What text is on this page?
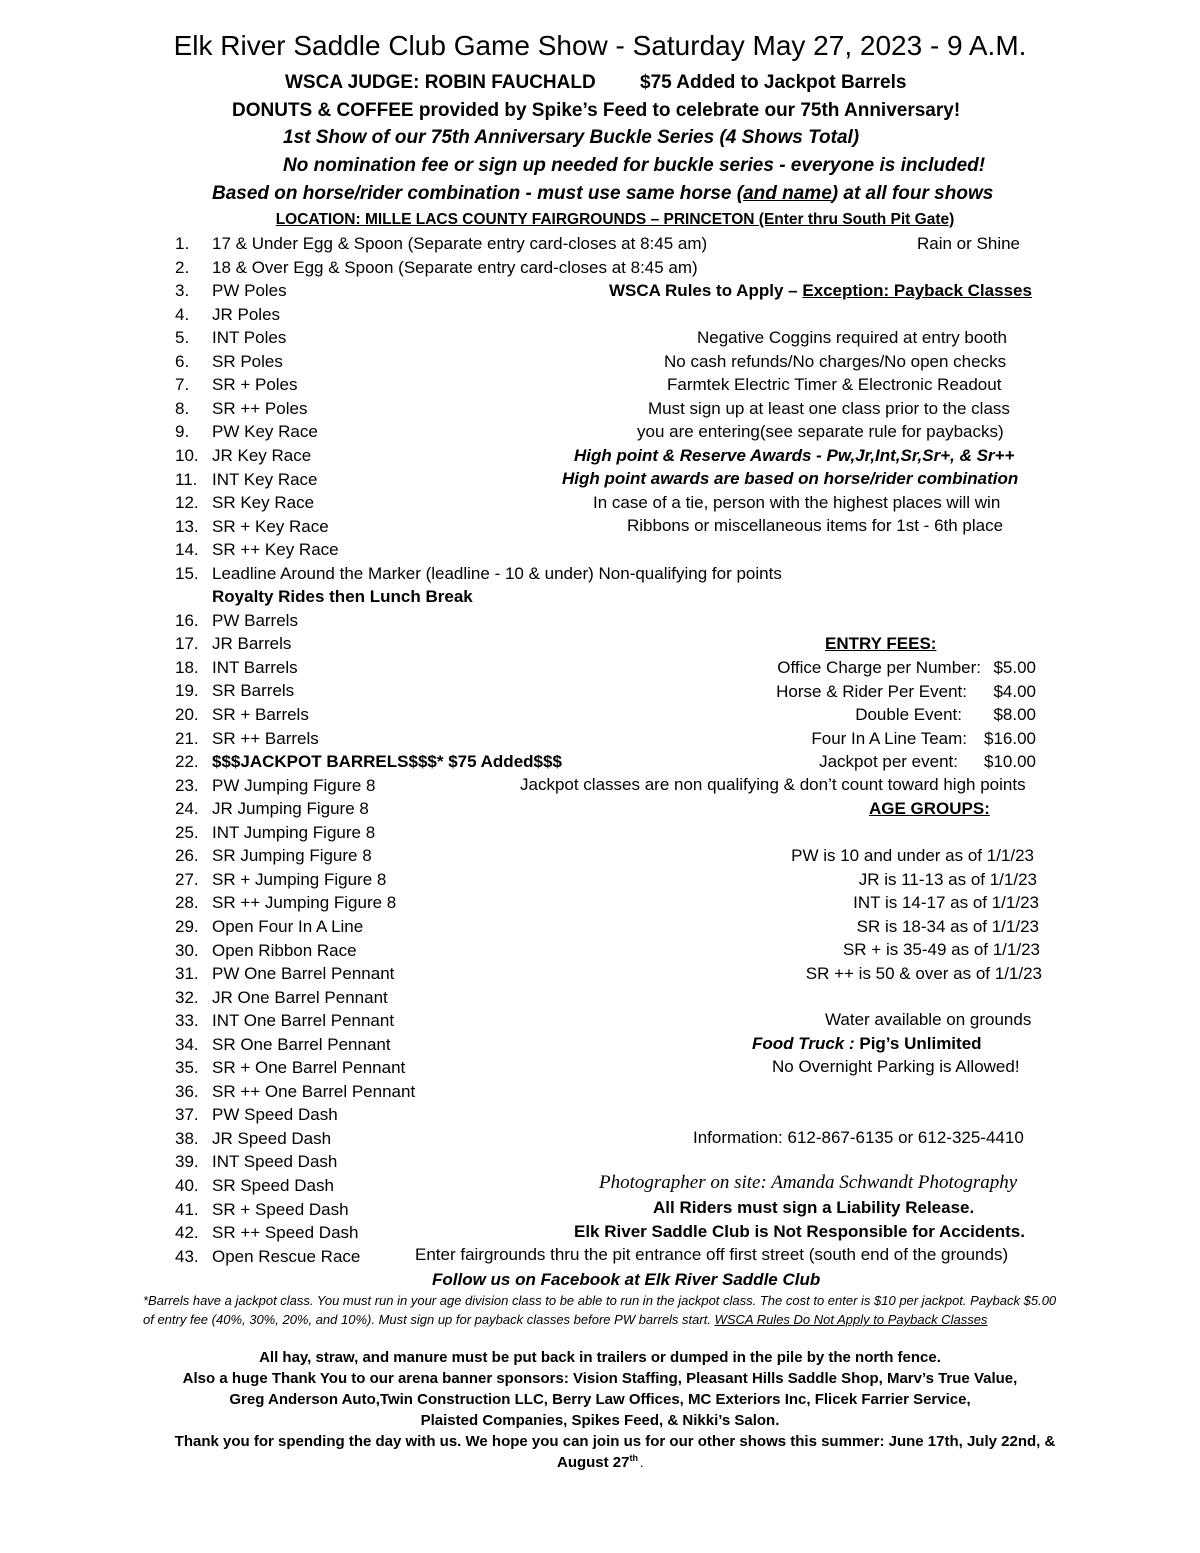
Elk River Saddle Club Game Show - Saturday May 27, 2023 - 9 A.M.
WSCA JUDGE: ROBIN FAUCHALD $75 Added to Jackpot Barrels
DONUTS & COFFEE provided by Spike’s Feed to celebrate our 75th Anniversary!
1st Show of our 75th Anniversary Buckle Series (4 Shows Total)
No nomination fee or sign up needed for buckle series - everyone is included!
Based on horse/rider combination - must use same horse (and name) at all four shows
LOCATION: MILLE LACS COUNTY FAIRGROUNDS – PRINCETON (Enter thru South Pit Gate)
1. 17 & Under Egg & Spoon (Separate entry card-closes at 8:45 am)
2. 18 & Over Egg & Spoon (Separate entry card-closes at 8:45 am)
3. PW Poles
4. JR Poles
5. INT Poles
6. SR Poles
7. SR + Poles
8. SR ++ Poles
9. PW Key Race
10. JR Key Race
11. INT Key Race
12. SR Key Race
13. SR + Key Race
14. SR ++ Key Race
15. Leadline Around the Marker (leadline - 10 & under) Non-qualifying for points
Royalty Rides then Lunch Break
16. PW Barrels
17. JR Barrels
18. INT Barrels
19. SR Barrels
20. SR + Barrels
21. SR ++ Barrels
22. $$$JACKPOT BARRELS$$$* $75 Added$$$
23. PW Jumping Figure 8
24. JR Jumping Figure 8
25. INT Jumping Figure 8
26. SR Jumping Figure 8
27. SR + Jumping Figure 8
28. SR ++ Jumping Figure 8
29. Open Four In A Line
30. Open Ribbon Race
31. PW One Barrel Pennant
32. JR One Barrel Pennant
33. INT One Barrel Pennant
34. SR One Barrel Pennant
35. SR + One Barrel Pennant
36. SR ++ One Barrel Pennant
37. PW Speed Dash
38. JR Speed Dash
39. INT Speed Dash
40. SR Speed Dash
41. SR + Speed Dash
42. SR ++ Speed Dash
43. Open Rescue Race
Rain or Shine
WSCA Rules to Apply – Exception: Payback Classes
Negative Coggins required at entry booth
No cash refunds/No charges/No open checks
Farmtek Electric Timer & Electronic Readout
Must sign up at least one class prior to the class
you are entering(see separate rule for paybacks)
High point & Reserve Awards - Pw,Jr,Int,Sr,Sr+, & Sr++
High point awards are based on horse/rider combination
In case of a tie, person with the highest places will win
Ribbons or miscellaneous items for 1st - 6th place
ENTRY FEES:
Office Charge per Number: $5.00
Horse & Rider Per Event: $4.00
Double Event: $8.00
Four In A Line Team: $16.00
Jackpot per event: $10.00
Jackpot classes are non qualifying & don’t count toward high points
AGE GROUPS:
PW is 10 and under as of 1/1/23
JR is 11-13 as of 1/1/23
INT is 14-17 as of 1/1/23
SR is 18-34 as of 1/1/23
SR + is 35-49 as of 1/1/23
SR ++ is 50 & over as of 1/1/23
Water available on grounds
Food Truck : Pig’s Unlimited
No Overnight Parking is Allowed!
Information: 612-867-6135 or 612-325-4410
Photographer on site: Amanda Schwandt Photography
All Riders must sign a Liability Release.
Elk River Saddle Club is Not Responsible for Accidents.
Enter fairgrounds thru the pit entrance off first street (south end of the grounds)
Follow us on Facebook at Elk River Saddle Club
*Barrels have a jackpot class. You must run in your age division class to be able to run in the jackpot class. The cost to enter is $10 per jackpot. Payback $5.00 of entry fee (40%, 30%, 20%, and 10%). Must sign up for payback classes before PW barrels start. WSCA Rules Do Not Apply to Payback Classes
All hay, straw, and manure must be put back in trailers or dumped in the pile by the north fence.
Also a huge Thank You to our arena banner sponsors: Vision Staffing, Pleasant Hills Saddle Shop, Marv’s True Value,
Greg Anderson Auto,Twin Construction LLC, Berry Law Offices, MC Exteriors Inc, Flicek Farrier Service,
Plaisted Companies, Spikes Feed, & Nikki’s Salon.
Thank you for spending the day with us. We hope you can join us for our other shows this summer: June 17th, July 22nd, &
August 27th .
